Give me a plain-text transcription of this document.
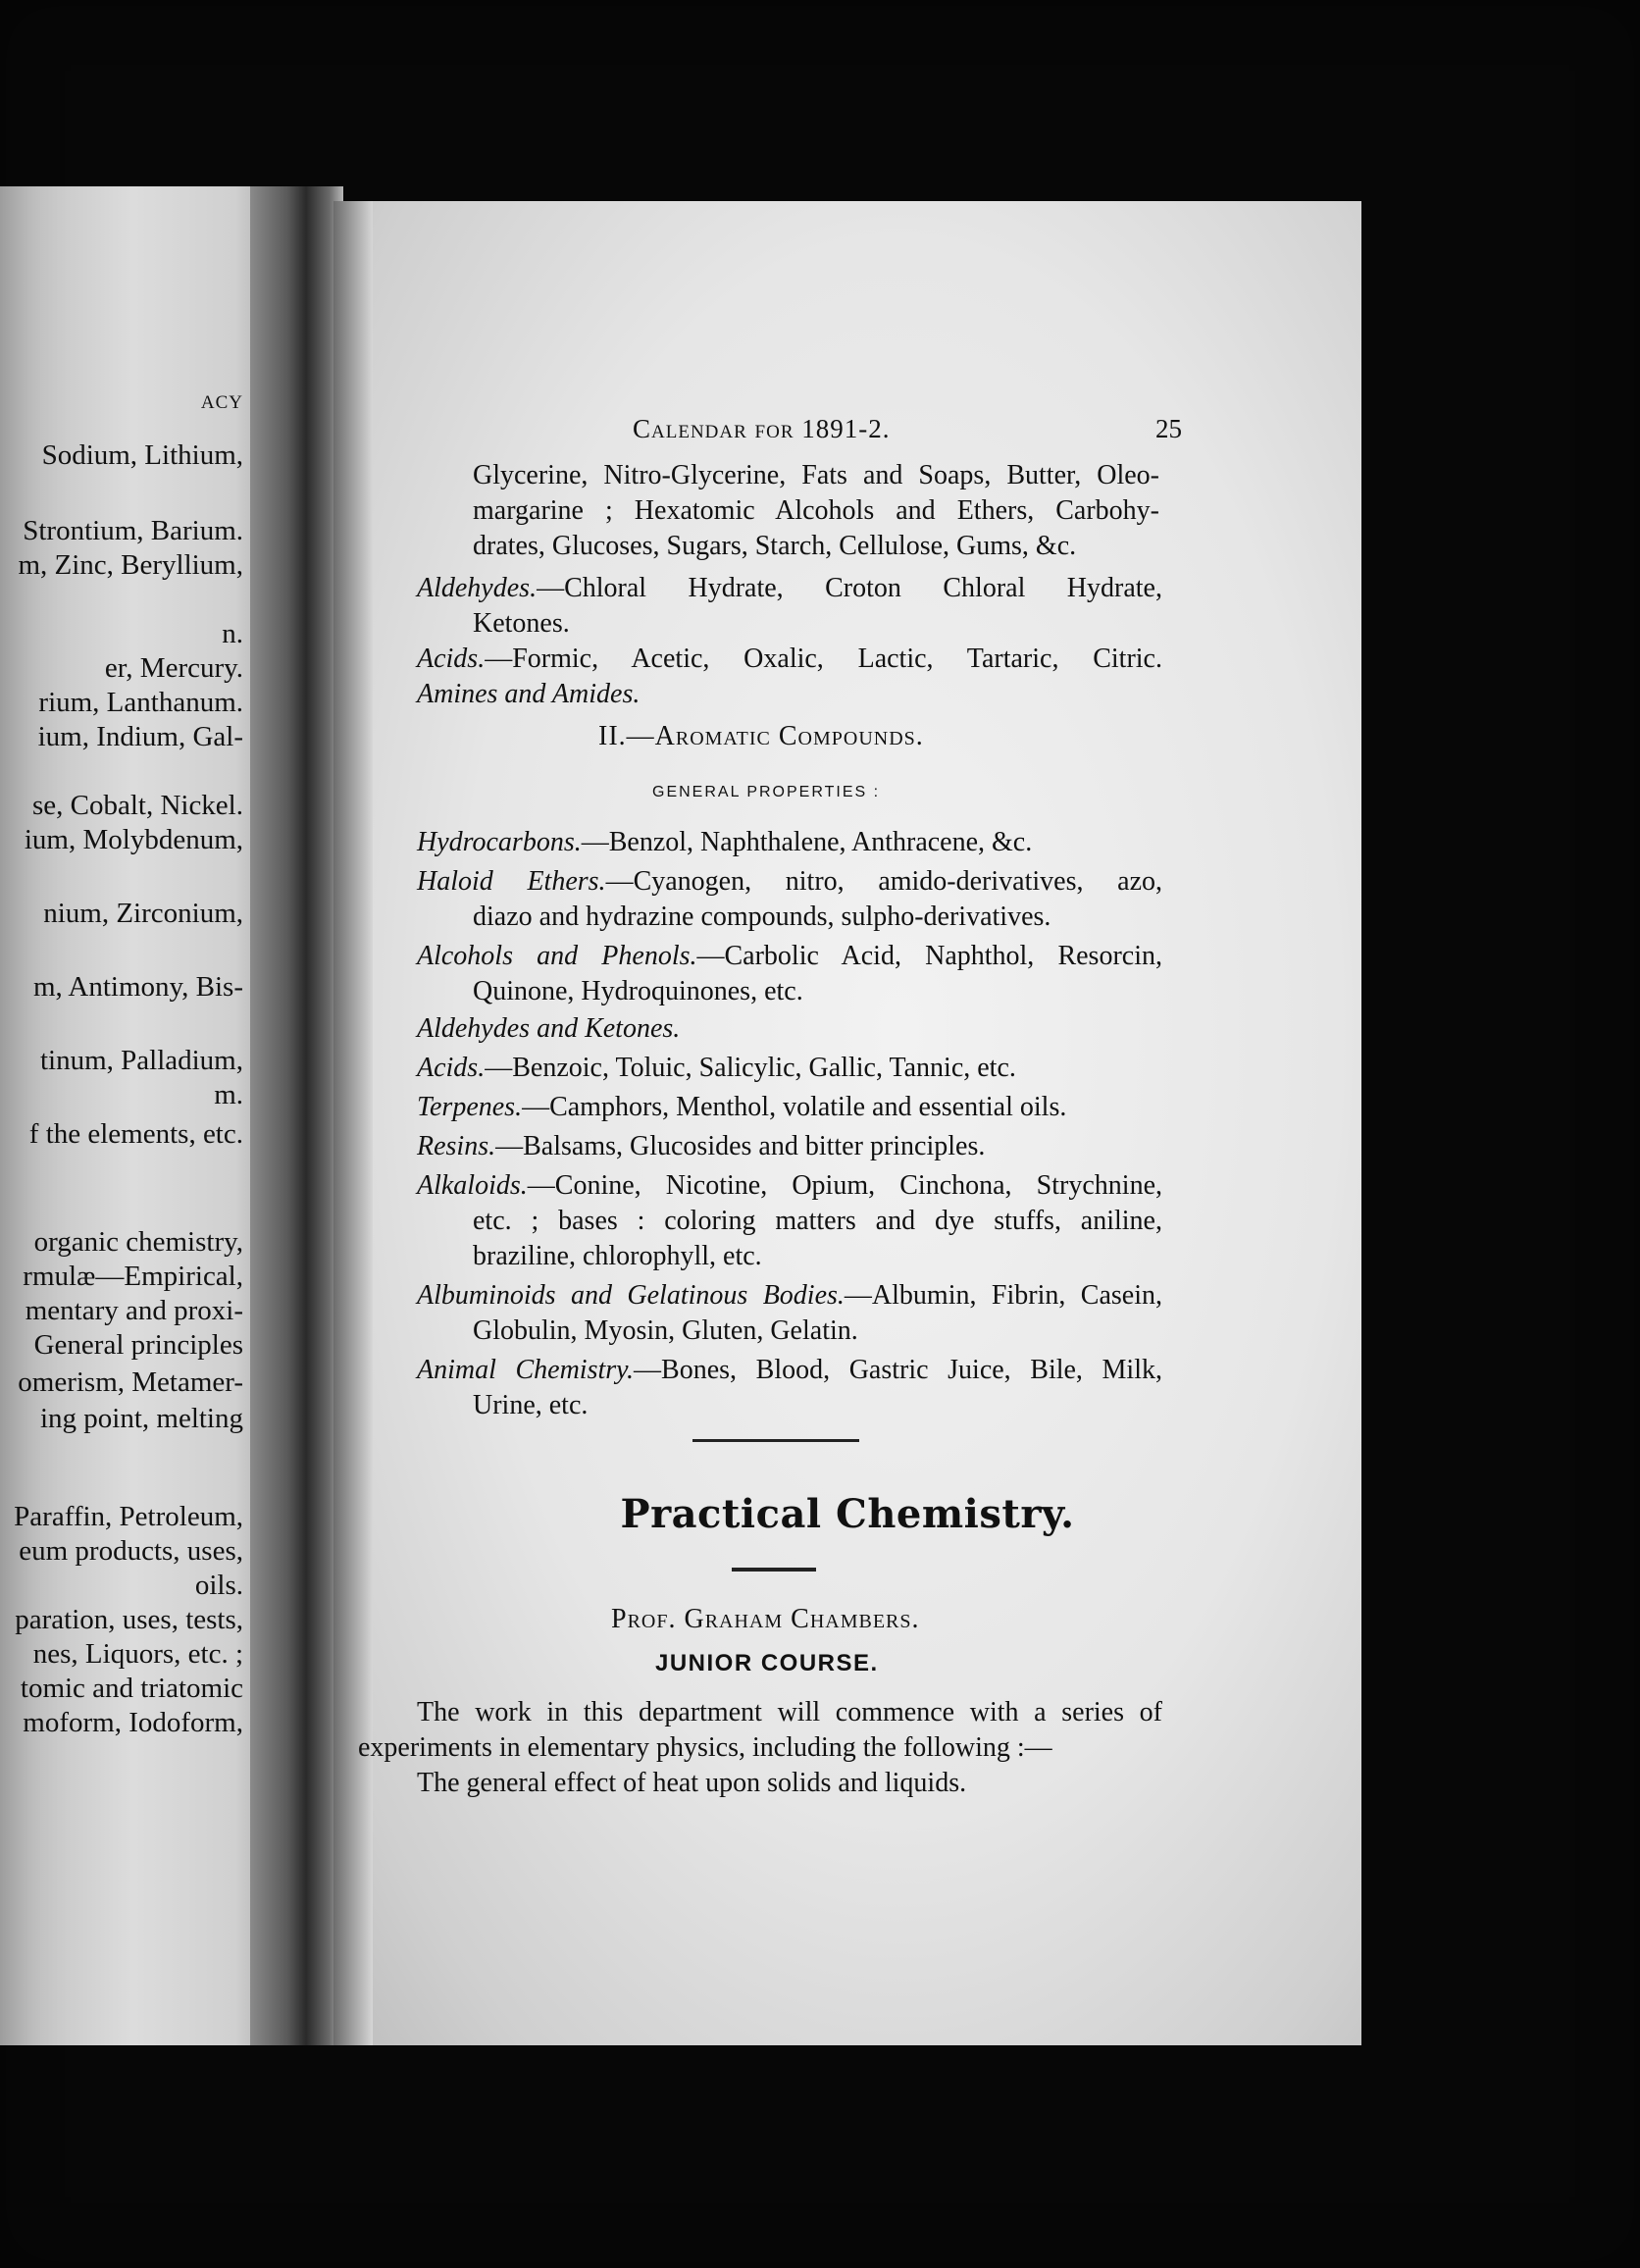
ACY
Sodium, Lithium,
Strontium, Barium.
m, Zinc, Beryllium,
n.
er, Mercury.
rium, Lanthanum.
ium, Indium, Gal-
se, Cobalt, Nickel.
ium, Molybdenum,
nium, Zirconium,
m, Antimony, Bis-
tinum, Palladium,
m.
f the elements, etc.
organic chemistry,
rmulæ—Empirical,
mentary and proxi-
General principles
omerism, Metamer-
ing point, melting
Paraffin, Petroleum,
eum products, uses,
oils.
paration, uses, tests,
nes, Liquors, etc. ;
tomic and triatomic
moform, Iodoform,
Calendar for 1891-2.	25
Glycerine, Nitro-Glycerine, Fats and Soaps, Butter, Oleo-
margarine ; Hexatomic Alcohols and Ethers, Carbohy-
drates, Glucoses, Sugars, Starch, Cellulose, Gums, &c.
Aldehydes.—Chloral Hydrate, Croton Chloral Hydrate,
Ketones.
Acids.—Formic, Acetic, Oxalic, Lactic, Tartaric, Citric.
Amines and Amides.
II.—Aromatic Compounds.
GENERAL PROPERTIES :
Hydrocarbons.—Benzol, Naphthalene, Anthracene, &c.
Haloid Ethers.—Cyanogen, nitro, amido-derivatives, azo,
diazo and hydrazine compounds, sulpho-derivatives.
Alcohols and Phenols.—Carbolic Acid, Naphthol, Resorcin,
Quinone, Hydroquinones, etc.
Aldehydes and Ketones.
Acids.—Benzoic, Toluic, Salicylic, Gallic, Tannic, etc.
Terpenes.—Camphors, Menthol, volatile and essential oils.
Resins.—Balsams, Glucosides and bitter principles.
Alkaloids.—Conine, Nicotine, Opium, Cinchona, Strychnine,
etc. ; bases : coloring matters and dye stuffs, aniline,
braziline, chlorophyll, etc.
Albuminoids and Gelatinous Bodies.—Albumin, Fibrin, Casein,
Globulin, Myosin, Gluten, Gelatin.
Animal Chemistry.—Bones, Blood, Gastric Juice, Bile, Milk,
Urine, etc.
Practical Chemistry.
Prof. Graham Chambers.
JUNIOR COURSE.
The work in this department will commence with a series of
experiments in elementary physics, including the following :—
The general effect of heat upon solids and liquids.
